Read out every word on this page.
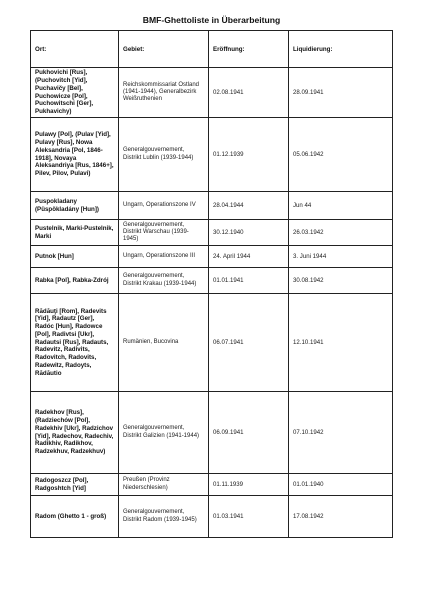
BMF-Ghettoliste in Überarbeitung
Ort:	Gebiet:	Eröffnung:	Liquidierung:
Pukhovichi [Rus], (Puchovitch [Yid], Puchavičy [Bel], Puchowicze [Pol], Puchowitschi [Ger], Pukhavichy)	Reichskommissariat Ostland (1941-1944), Generalbezirk Weißruthenien	02.08.1941	28.09.1941
Pulawy [Pol], (Pulav [Yid], Pulavy [Rus], Nowa Aleksandria [Pol, 1846-1918], Novaya Aleksandriya [Rus, 1846+], Pilev, Pilov, Pulavi)	Generalgouvernement, Distrikt Lublin (1939-1944)	01.12.1939	05.06.1942
Puspokladany (Püspökladány [Hun])	Ungarn, Operationszone IV	28.04.1944	Jun 44
Pustelnik, Marki-Pustelnik, Marki	Generalgouvernement, Distrikt Warschau (1939-1945)	30.12.1940	26.03.1942
Putnok [Hun]	Ungarn, Operationszone III	24. April 1944	3. Juni 1944
Rabka [Pol], Rabka-Zdrój	Generalgouvernement, Distrikt Krakau (1939-1944)	01.01.1941	30.08.1942
Rădăuţi [Rom], Radevits [Yid], Radautz [Ger], Radóc [Hun], Radowce [Pol], Radivtsi [Ukr], Radautsi [Rus], Radauts, Radevitz, Radivits, Radovitch, Radovits, Radewitz, Radoyts, Rădăutio	Rumänien, Bucovina	06.07.1941	12.10.1941
Radekhov [Rus], (Radziechów [Pol], Radekhiv [Ukr], Radzichov [Yid], Radechov, Radechiv, Radikhiv, Radikhov, Radzekhuv, Radzekhuv)	Generalgouvernement, Distrikt Galizien (1941-1944)	06.09.1941	07.10.1942
Radogoszcz [Pol], Radgoshtch [Yid]	Preußen (Provinz Niederschlesien)	01.11.1939	01.01.1940
Radom (Ghetto 1 - groß)	Generalgouvernement, Distrikt Radom (1939-1945)	01.03.1941	17.08.1942
